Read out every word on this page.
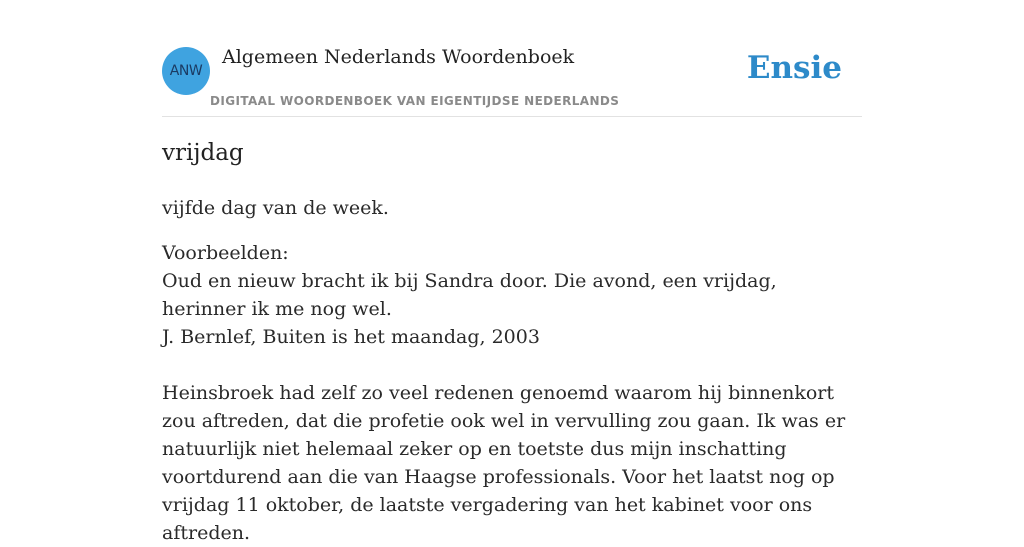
ANW
Algemeen Nederlands Woordenboek
DIGITAAL WOORDENBOEK VAN EIGENTIJDSE NEDERLANDS
Ensie
vrijdag

vijfde dag van de week.

Voorbeelden:

Oud en nieuw bracht ik bij Sandra door. Die avond, een vrijdag, herinner ik me nog wel.

J. Bernlef, Buiten is het maandag, 2003

Heinsbroek had zelf zo veel redenen genoemd waarom hij binnenkort zou aftreden, dat die profetie ook wel in vervulling zou gaan. Ik was er natuurlijk niet helemaal zeker op en toetste dus mijn inschatting voortdurend aan die van Haagse professionals. Voor het laatst nog op vrijdag 11 oktober, de laatste vergadering van het kabinet voor ons aftreden.
